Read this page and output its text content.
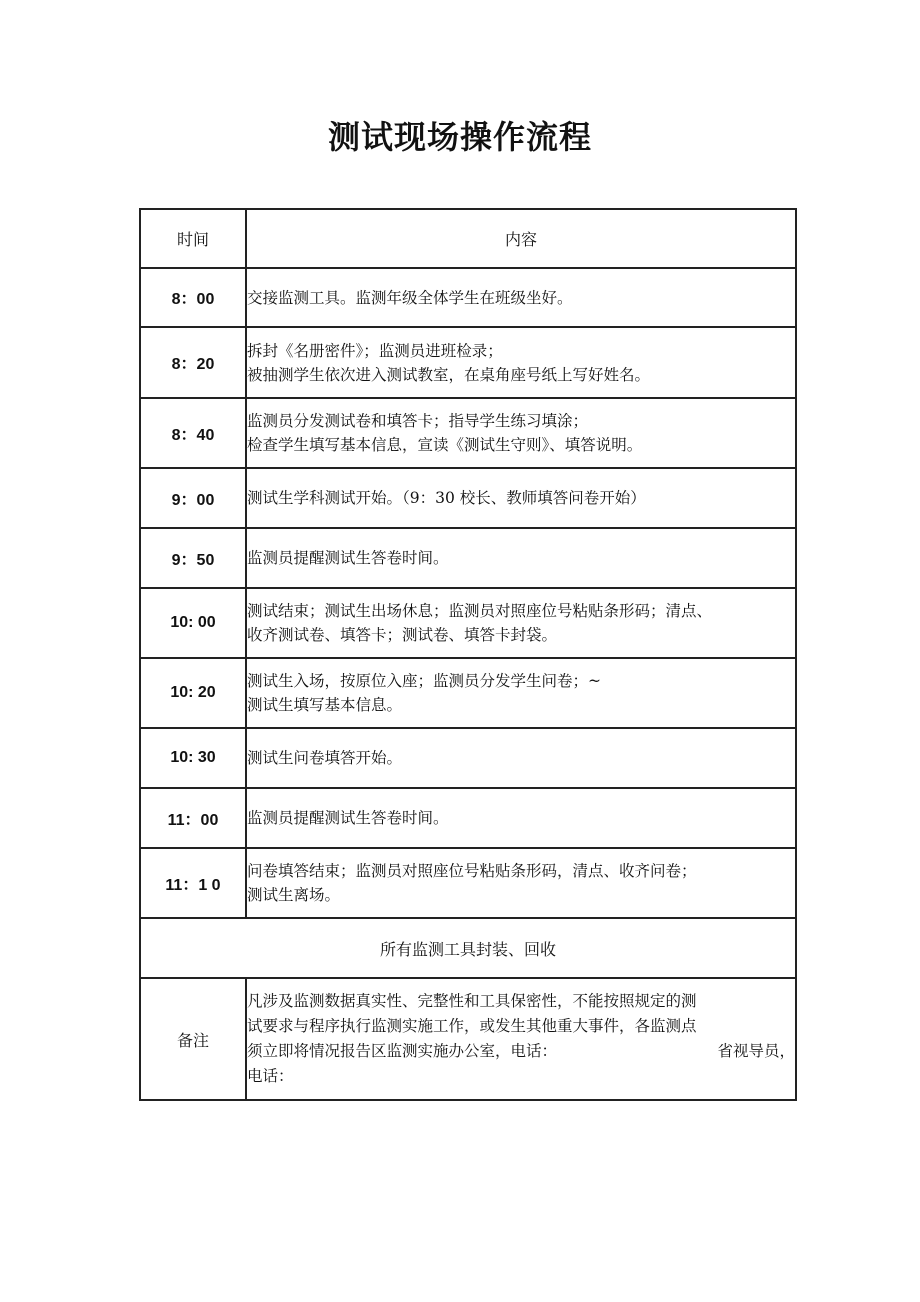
测试现场操作流程
时间	内容
8：00	交接监测工具。监测年级全体学生在班级坐好。

8：20	拆封《名册密件》；监测员进班检录；
被抽测学生依次进入测试教室，在桌角座号纸上写好姓名。

8：40	监测员分发测试卷和填答卡；指导学生练习填涂；
检查学生填写基本信息，宣读《测试生守则》、填答说明。

9：00	测试生学科测试开始。（9：30 校长、教师填答问卷开始）

9：50	监测员提醒测试生答卷时间。

10: 00	测试结束；测试生出场休息；监测员对照座位号粘贴条形码；清点、
收齐测试卷、填答卡；测试卷、填答卡封袋。

10: 20	测试生入场，按原位入座；监测员分发学生问卷；~
测试生填写基本信息。

10: 30	测试生问卷填答开始。

11：00	监测员提醒测试生答卷时间。

11：1 0	问卷填答结束；监测员对照座位号粘贴条形码，清点、收齐问卷；
测试生离场。

所有监测工具封装、回收	
备注	凡涉及监测数据真实性、完整性和工具保密性，不能按照规定的测
试要求与程序执行监测实施工作，或发生其他重大事件，各监测点
须立即将情况报告区监测实施办公室，电话： 省视导员，
电话：
